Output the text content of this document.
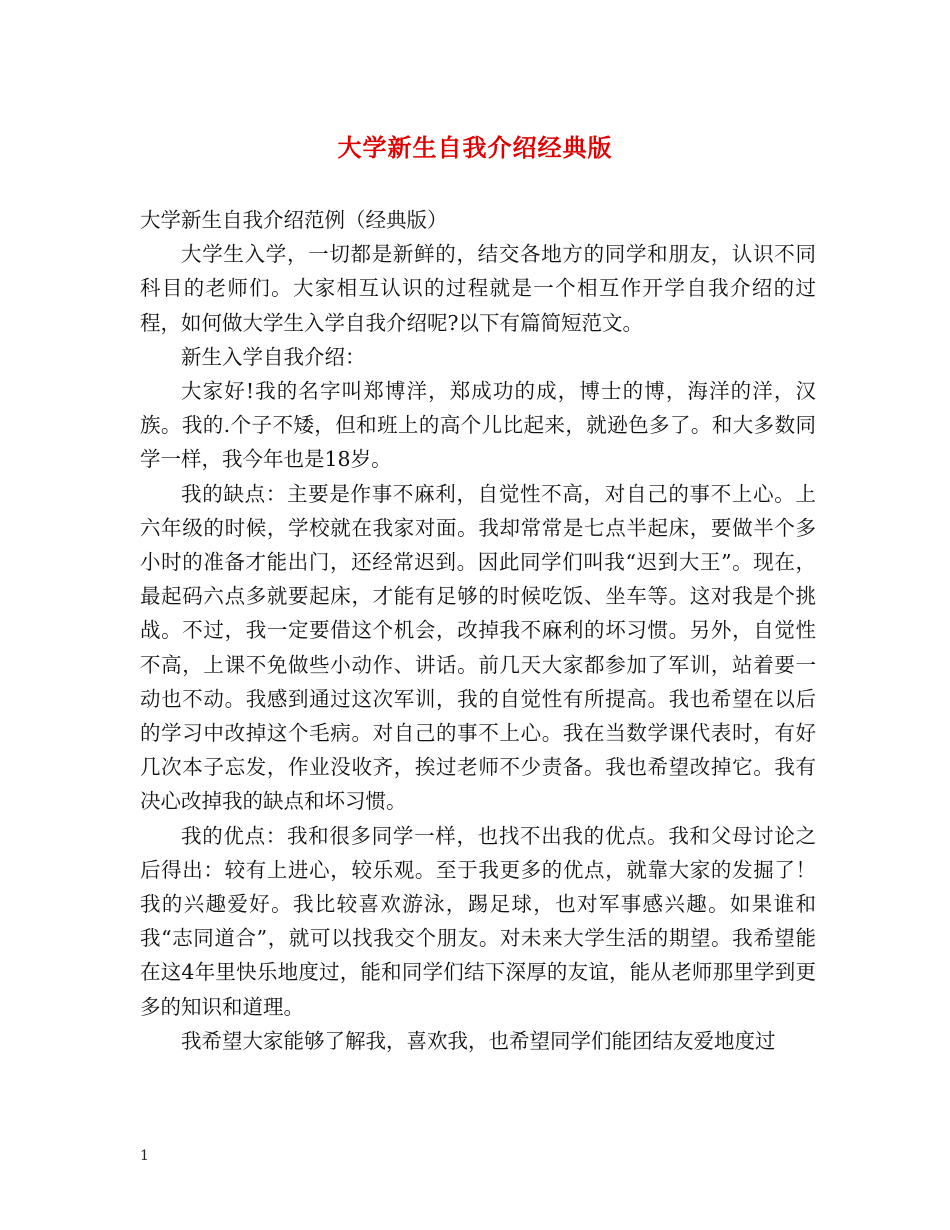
大学新生自我介绍经典版

大学新生自我介绍范例（经典版）

大学生入学，一切都是新鲜的，结交各地方的同学和朋友，认识不同科目的老师们。大家相互认识的过程就是一个相互作开学自我介绍的过程，如何做大学生入学自我介绍呢?以下有篇简短范文。

新生入学自我介绍：

大家好!我的名字叫郑博洋，郑成功的成，博士的博，海洋的洋，汉族。我的.个子不矮，但和班上的高个儿比起来，就逊色多了。和大多数同学一样，我今年也是18岁。

我的缺点：主要是作事不麻利，自觉性不高，对自己的事不上心。上六年级的时候，学校就在我家对面。我却常常是七点半起床，要做半个多小时的准备才能出门，还经常迟到。因此同学们叫我“迟到大王”。现在，最起码六点多就要起床，才能有足够的时候吃饭、坐车等。这对我是个挑战。不过，我一定要借这个机会，改掉我不麻利的坏习惯。另外，自觉性不高，上课不免做些小动作、讲话。前几天大家都参加了军训，站着要一动也不动。我感到通过这次军训，我的自觉性有所提高。我也希望在以后的学习中改掉这个毛病。对自己的事不上心。我在当数学课代表时，有好几次本子忘发，作业没收齐，挨过老师不少责备。我也希望改掉它。我有决心改掉我的缺点和坏习惯。

我的优点：我和很多同学一样，也找不出我的优点。我和父母讨论之后得出：较有上进心，较乐观。至于我更多的优点，就靠大家的发掘了！我的兴趣爱好。我比较喜欢游泳，踢足球，也对军事感兴趣。如果谁和我“志同道合”，就可以找我交个朋友。对未来大学生活的期望。我希望能在这4年里快乐地度过，能和同学们结下深厚的友谊，能从老师那里学到更多的知识和道理。

我希望大家能够了解我，喜欢我，也希望同学们能团结友爱地度过

1
